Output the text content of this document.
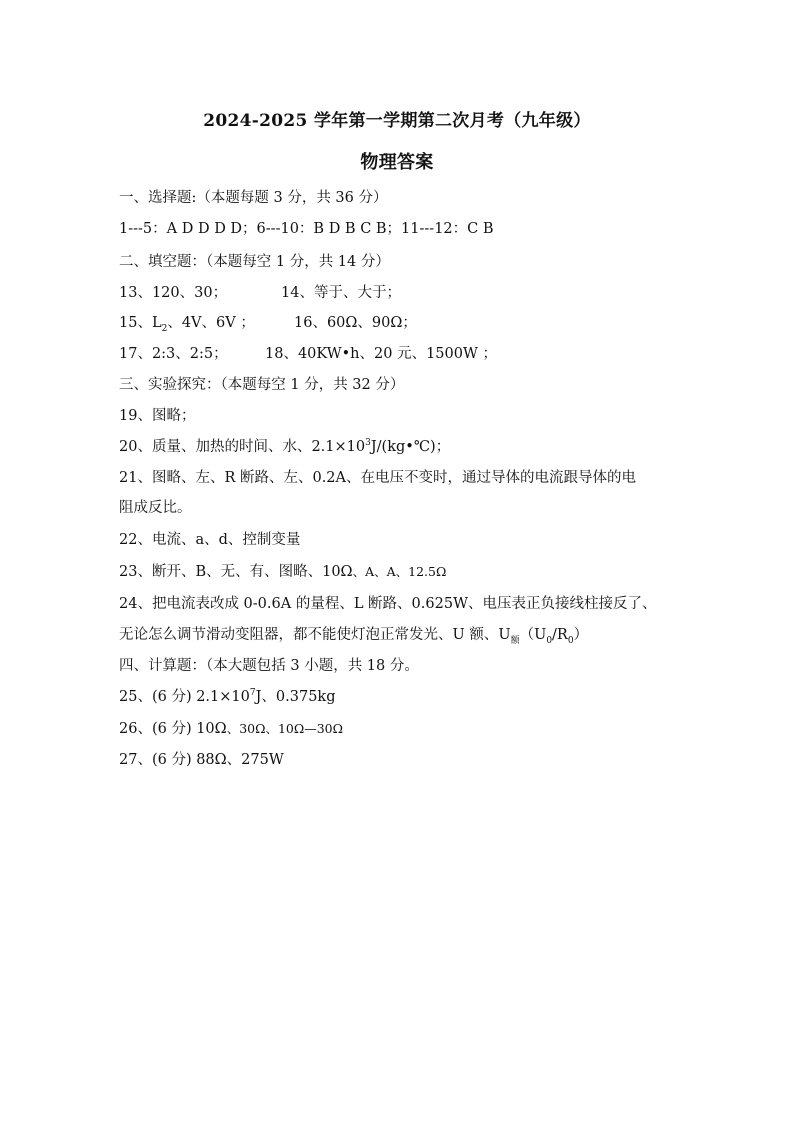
2024-2025 学年第一学期第二次月考（九年级）
物理答案
一、选择题:（本题每题 3 分，共 36 分）
1---5：A D D D D；6---10：B D B C B；11---12：C B
二、填空题：（本题每空 1 分，共 14 分）
13、120、30；	14、等于、大于；
15、$L_2$、4V、6V ；	16、60Ω、90Ω；
17、2:3、2:5；	18、40KW•h、20 元、1500W ；
三、实验探究：（本题每空 1 分，共 32 分）
19、图略；
20、质量、加热的时间、水、$2.1\times 10^3J/(kg•℃)$；
21、图略、左、R 断路、左、0.2A、在电压不变时，通过导体的电流跟导体的电
阻成反比。
22、电流、a、d、控制变量
23、断开、B、无、有、图略、10Ω、A、A、12.5Ω
24、把电流表改成 0-0.6A 的量程、L 断路、0.625W、电压表正负接线柱接反了、
无论怎么调节滑动变阻器，都不能使灯泡正常发光、U 额、$U_额(U_0/R_0)$
四、计算题：（本大题包括 3 小题，共 18 分。
25、(6 分) $2.1\times 10^7J$、0.375kg
26、(6 分) 10Ω、30Ω、10Ω—30Ω
27、(6 分) 88Ω、275W
